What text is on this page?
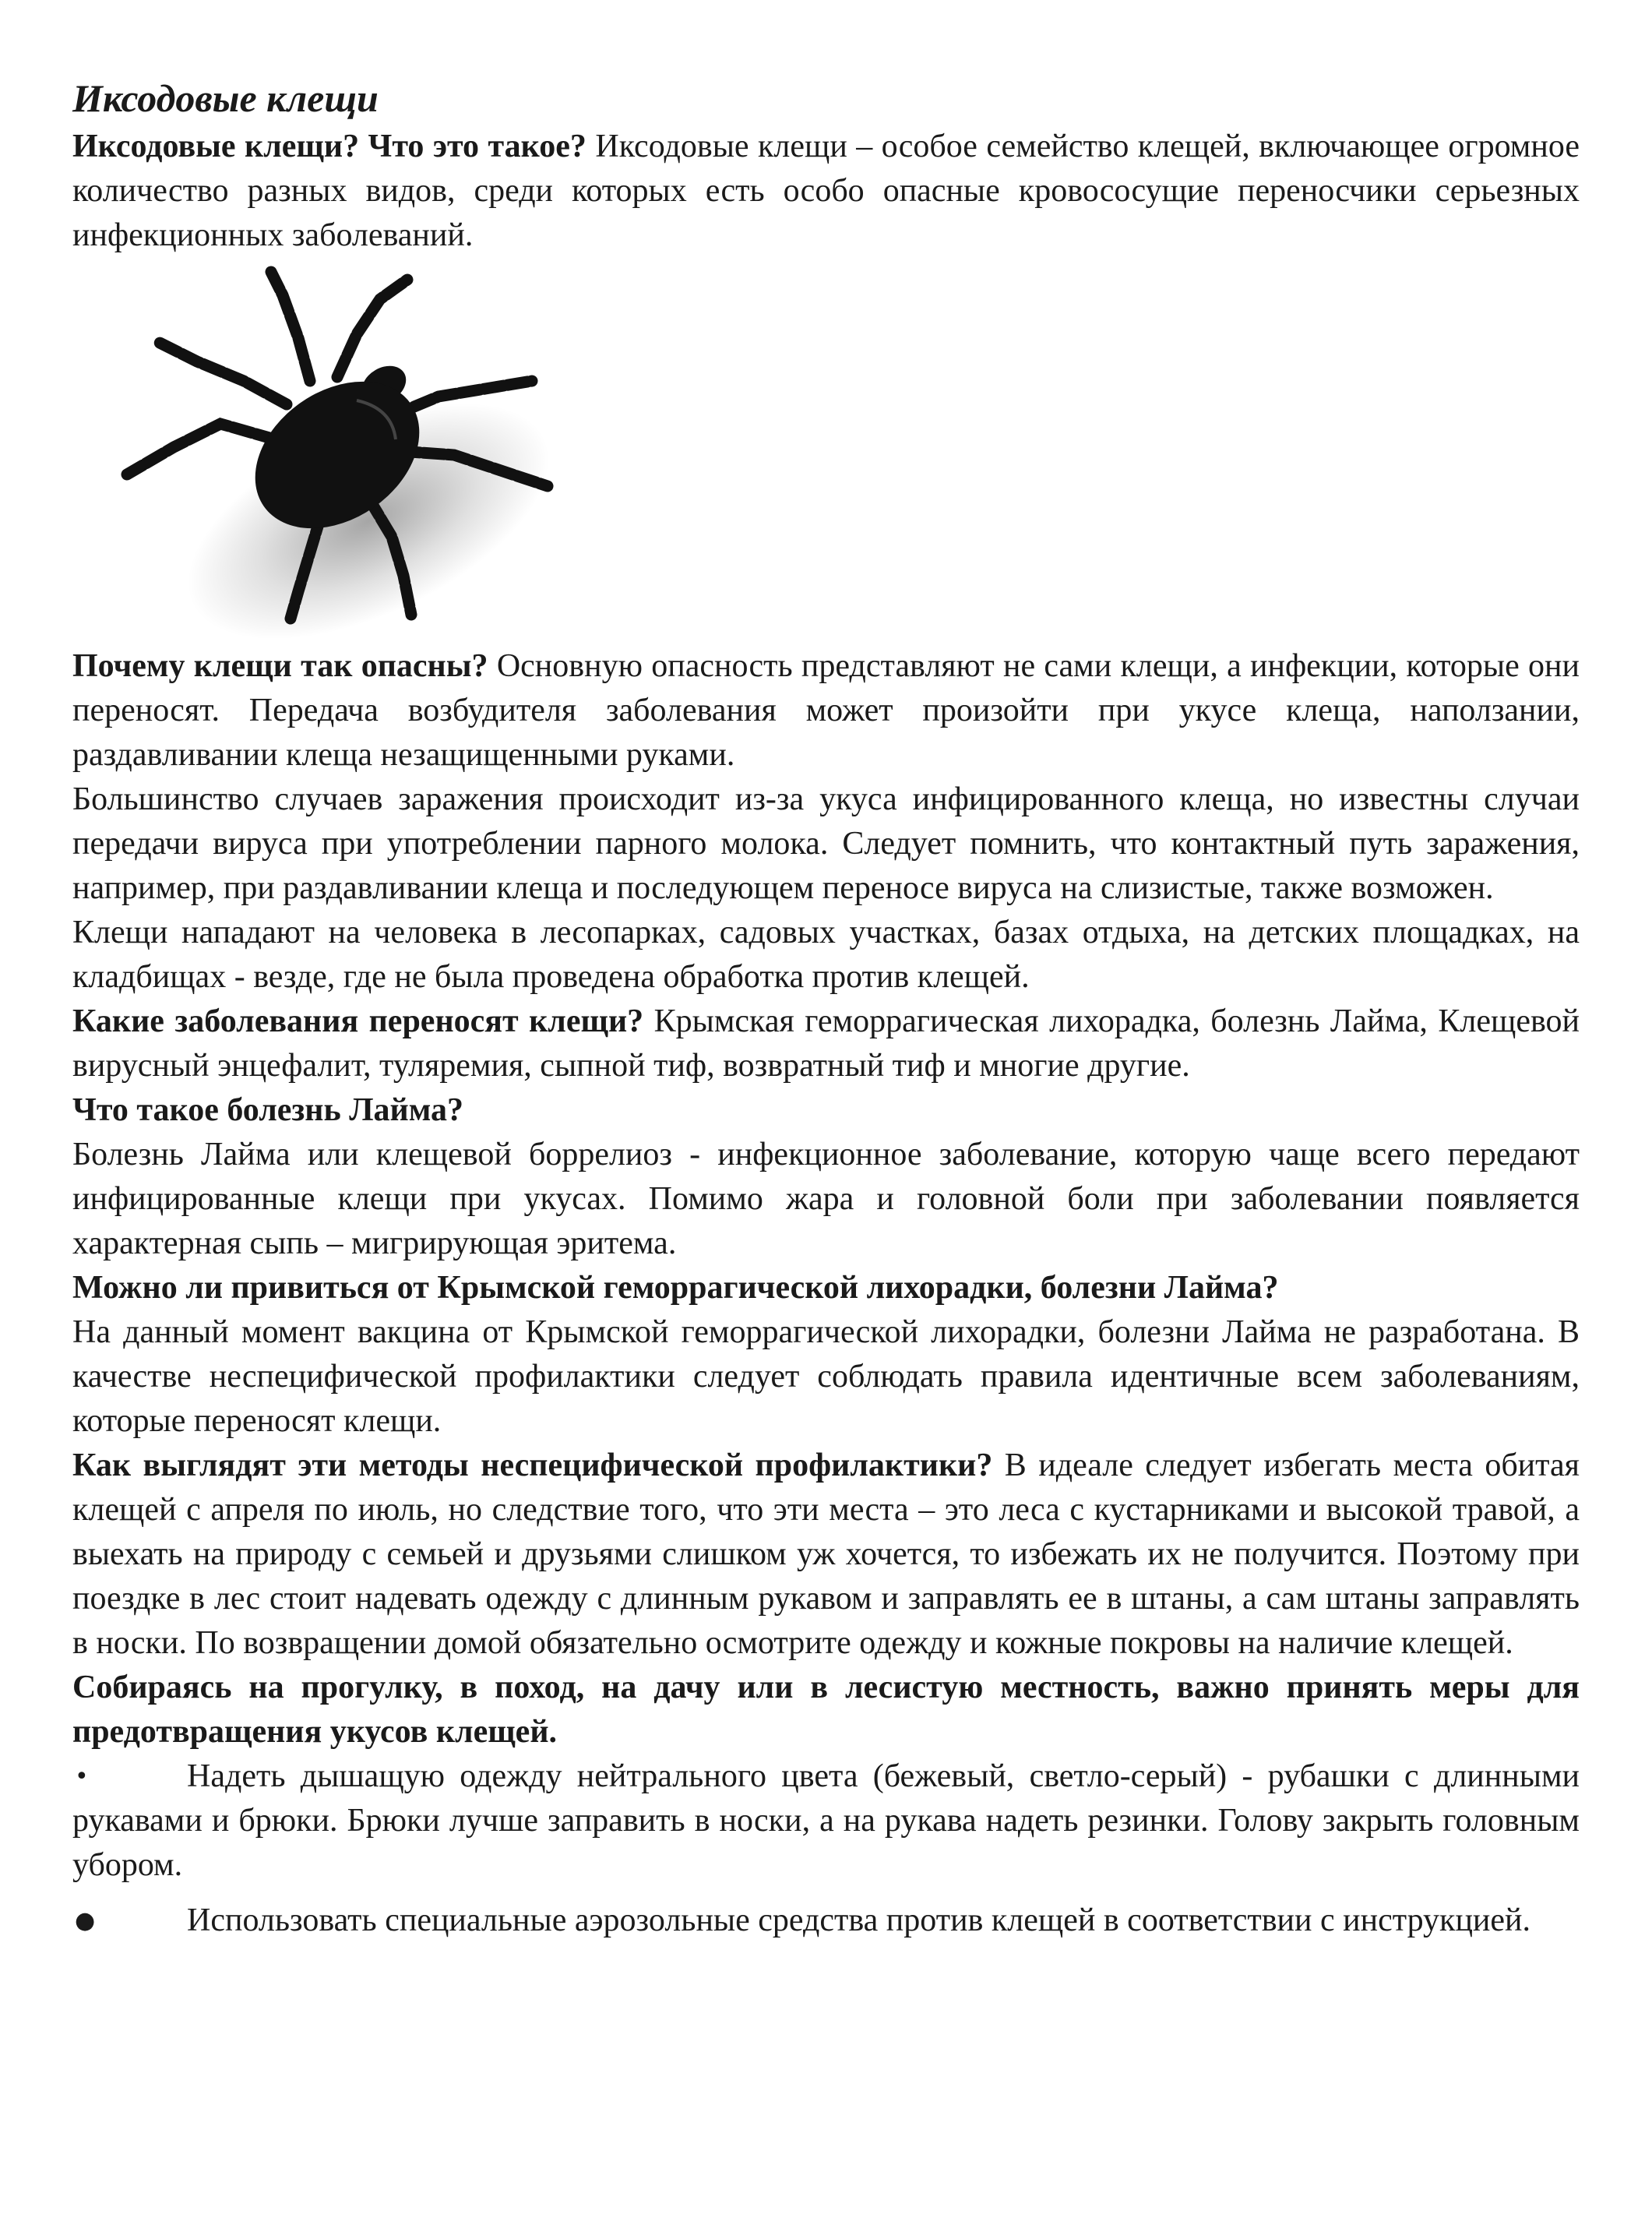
Иксодовые клещи

Иксодовые клещи? Что это такое? Иксодовые клещи – особое семейство клещей, включающее огромное количество разных видов, среди которых есть особо опасные кровососущие переносчики серьезных инфекционных заболеваний.

Почему клещи так опасны? Основную опасность представляют не сами клещи, а инфекции, которые они переносят. Передача возбудителя заболевания может произойти при укусе клеща, наползании, раздавливании клеща незащищенными руками.

Большинство случаев заражения происходит из-за укуса инфицированного клеща, но известны случаи передачи вируса при употреблении парного молока. Следует помнить, что контактный путь заражения, например, при раздавливании клеща и последующем переносе вируса на слизистые, также возможен.

Клещи нападают на человека в лесопарках, садовых участках, базах отдыха, на детских площадках, на кладбищах - везде, где не была проведена обработка против клещей.

Какие заболевания переносят клещи? Крымская геморрагическая лихорадка, болезнь Лайма, Клещевой вирусный энцефалит, туляремия, сыпной тиф, возвратный тиф и многие другие.

Что такое болезнь Лайма?

Болезнь Лайма или клещевой боррелиоз - инфекционное заболевание, которую чаще всего передают инфицированные клещи при укусах. Помимо жара и головной боли при заболевании появляется характерная сыпь – мигрирующая эритема.

Можно ли привиться от Крымской геморрагической лихорадки, болезни Лайма?

На данный момент вакцина от Крымской геморрагической лихорадки, болезни Лайма не разработана. В качестве неспецифической профилактики следует соблюдать правила идентичные всем заболеваниям, которые переносят клещи.

Как выглядят эти методы неспецифической профилактики? В идеале следует избегать места обитая клещей с апреля по июль, но следствие того, что эти места – это леса с кустарниками и высокой травой, а выехать на природу с семьей и друзьями слишком уж хочется, то избежать их не получится. Поэтому при поездке в лес стоит надевать одежду с длинным рукавом и заправлять ее в штаны, а сам штаны заправлять в носки. По возвращении домой обязательно осмотрите одежду и кожные покровы на наличие клещей.

Собираясь на прогулку, в поход, на дачу или в лесистую местность, важно принять меры для предотвращения укусов клещей.

•	Надеть дышащую одежду нейтрального цвета (бежевый, светло-серый) - рубашки с длинными рукавами и брюки. Брюки лучше заправить в носки, а на рукава надеть резинки. Голову закрыть головным убором.

●	Использовать специальные аэрозольные средства против клещей в соответствии с инструкцией.
